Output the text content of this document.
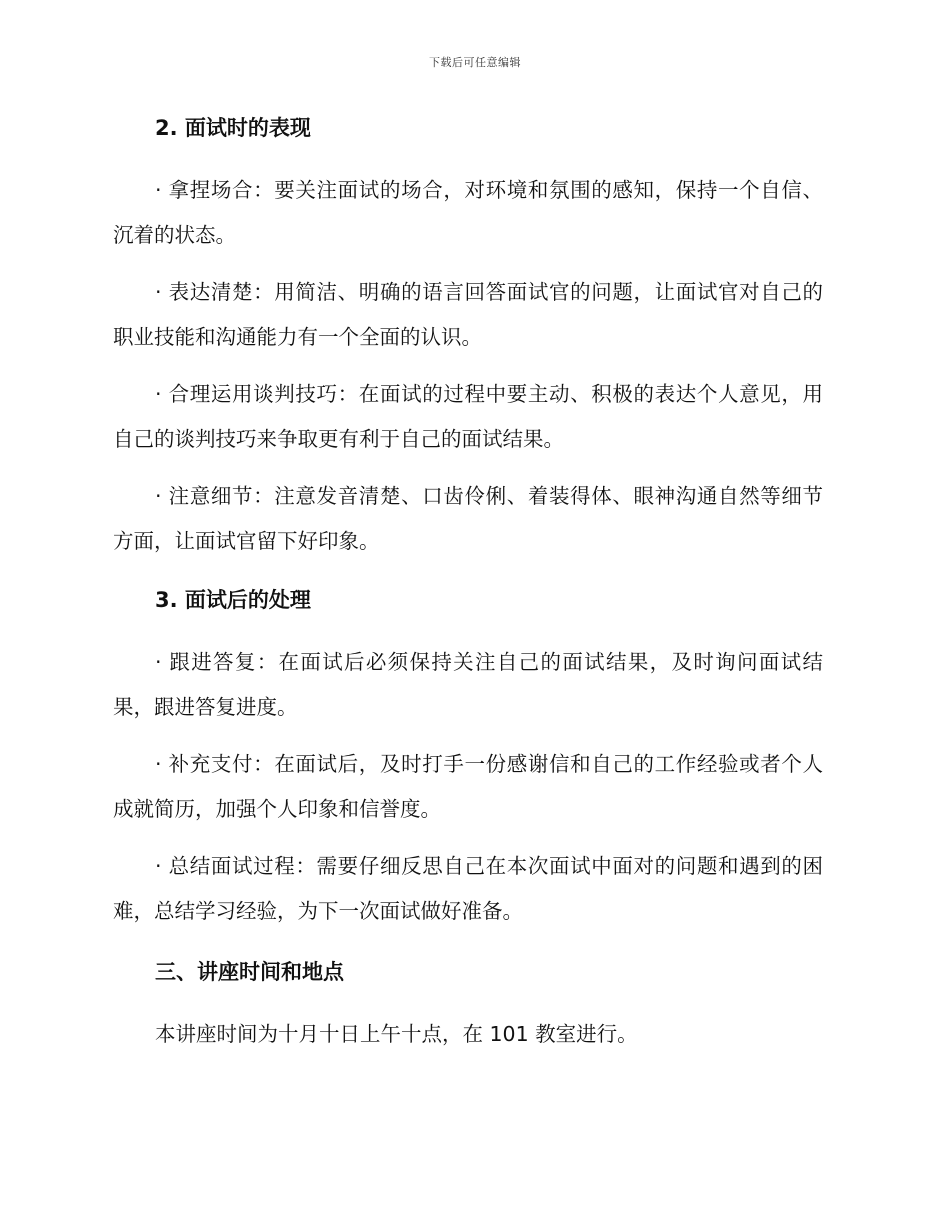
下载后可任意编辑
2. 面试时的表现

· 拿捏场合：要关注面试的场合，对环境和氛围的感知，保持一个自信、沉着的状态。

· 表达清楚：用简洁、明确的语言回答面试官的问题，让面试官对自己的职业技能和沟通能力有一个全面的认识。

· 合理运用谈判技巧：在面试的过程中要主动、积极的表达个人意见，用自己的谈判技巧来争取更有利于自己的面试结果。

· 注意细节：注意发音清楚、口齿伶俐、着装得体、眼神沟通自然等细节方面，让面试官留下好印象。

3. 面试后的处理

· 跟进答复：在面试后必须保持关注自己的面试结果，及时询问面试结果，跟进答复进度。

· 补充支付：在面试后，及时打手一份感谢信和自己的工作经验或者个人成就简历，加强个人印象和信誉度。

· 总结面试过程：需要仔细反思自己在本次面试中面对的问题和遇到的困难，总结学习经验，为下一次面试做好准备。

三、讲座时间和地点

本讲座时间为十月十日上午十点，在 101 教室进行。
